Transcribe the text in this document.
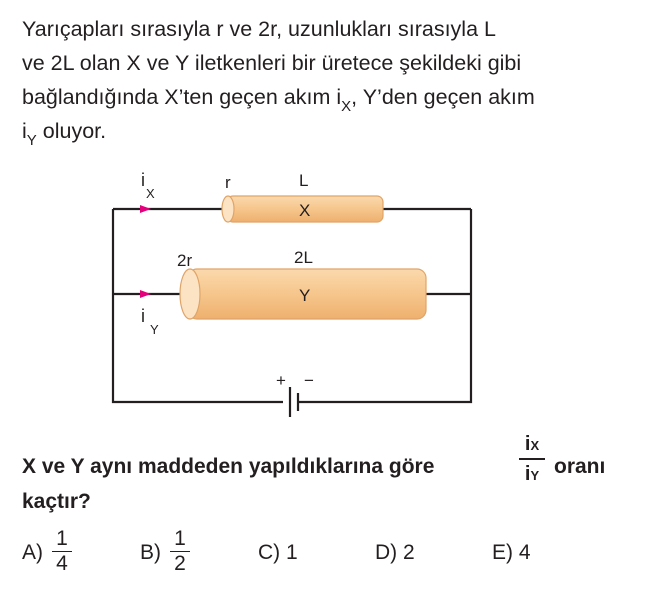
Yarıçapları sırasıyla r ve 2r, uzunlukları sırasıyla L
ve 2L olan X ve Y iletkenleri bir üretece şekildeki gibi
bağlandığında X’ten geçen akım $i_X$, Y’den geçen akım
$i_Y$ oluyor.
i
X
i
Y
r	L
X
2r	2L
Y
+ −
X ve Y aynı maddeden yapıldıklarına göre
iX
iY oranı
kaçtır?
A)
1
4	B)
1
2	C) 1	D) 2	E) 4
